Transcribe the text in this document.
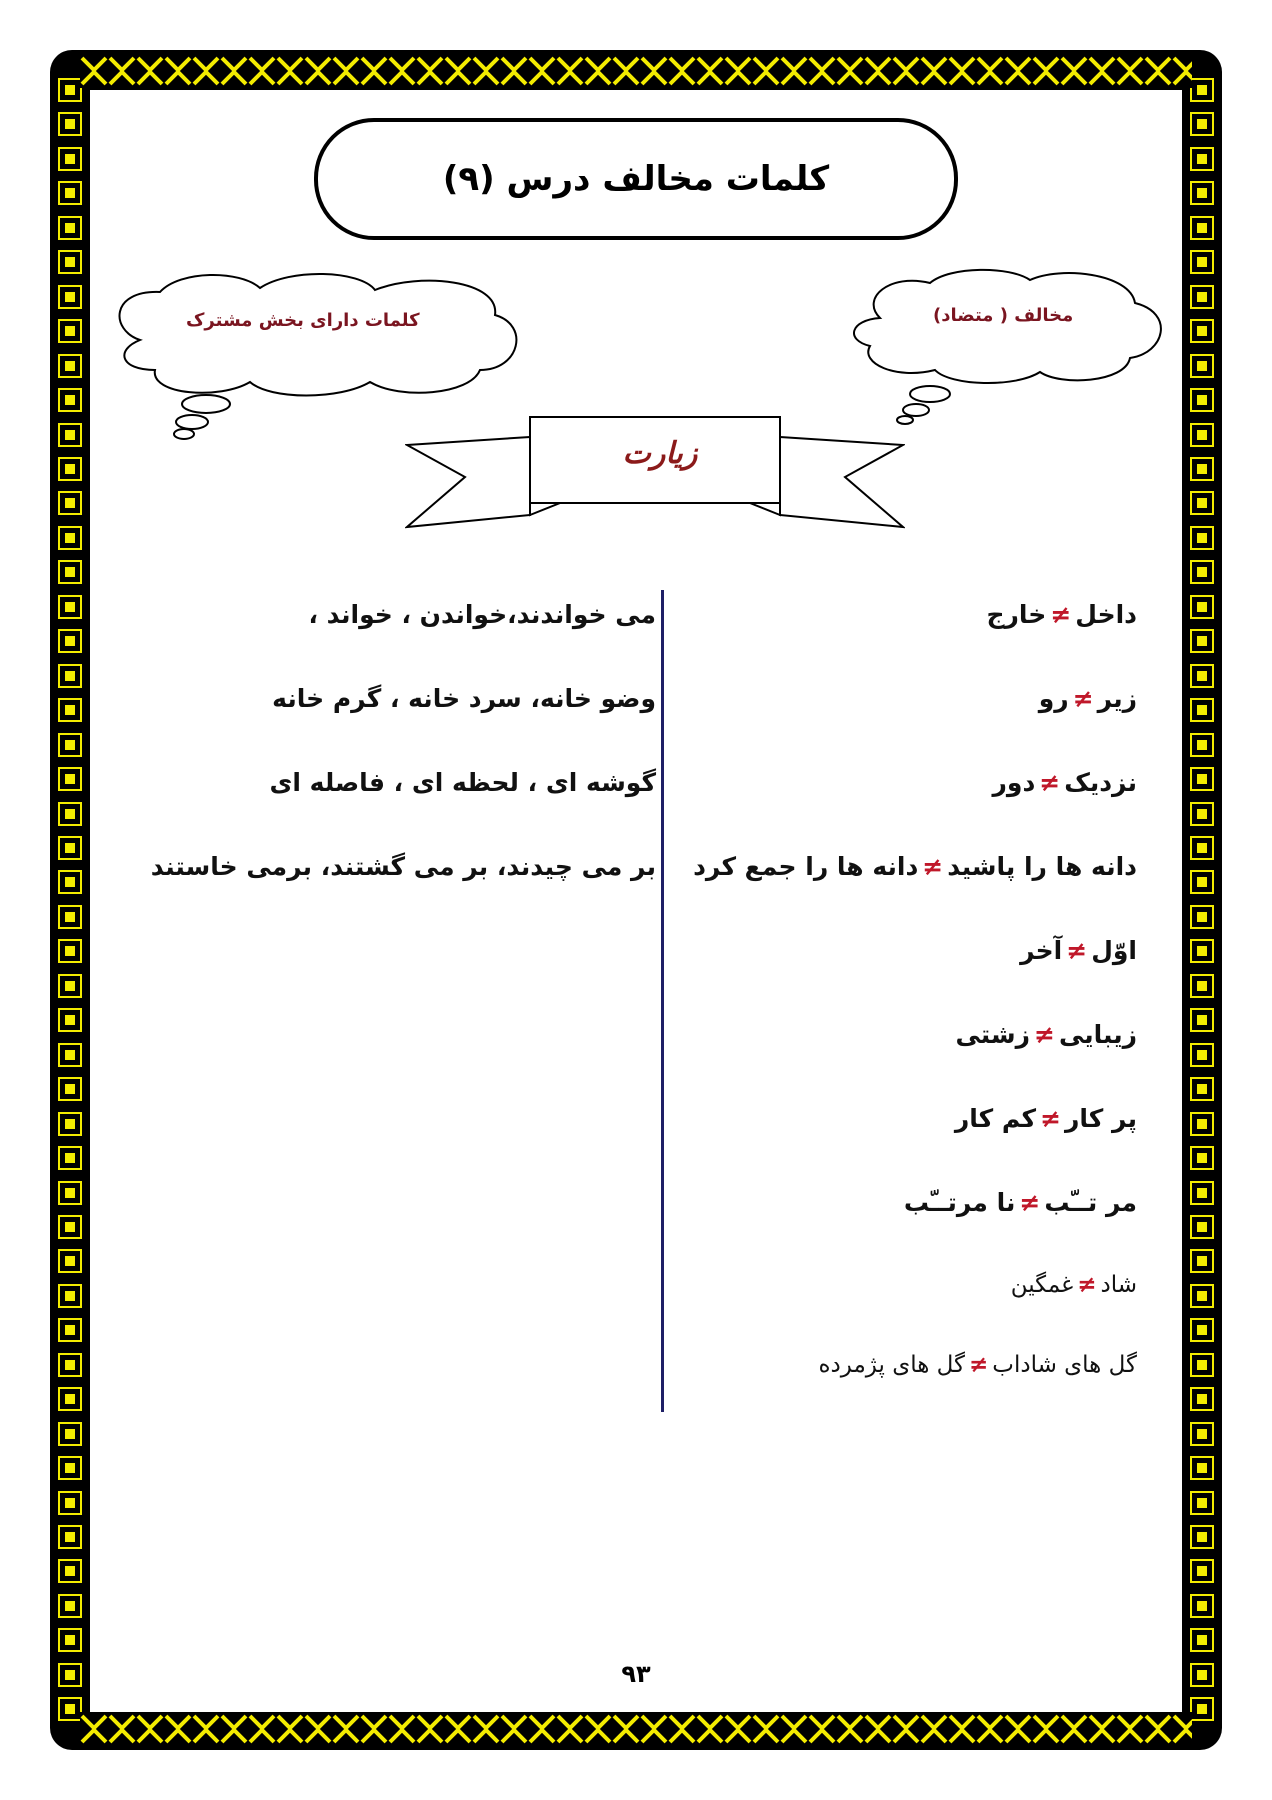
کلمات مخالف درس (۹)
کلمات دارای بخش مشترک	مخالف ( متضاد)
زیارت
داخل≠خارج
زیر≠رو
نزدیک≠دور
دانه ها را پاشید≠دانه ها را جمع کرد
اوّل≠آخر
زیبایی≠زشتی
پر کار≠کم کار
مر تــّب≠نا مرتــّب
شاد≠غمگین
گل های شاداب≠گل های پژمرده
می خواندند،خواندن ، خواند ،
وضو خانه، سرد خانه ، گرم خانه
گوشه ای ، لحظه ای ، فاصله ای
بر می چیدند، بر می گشتند، برمی خاستند
۹۳
